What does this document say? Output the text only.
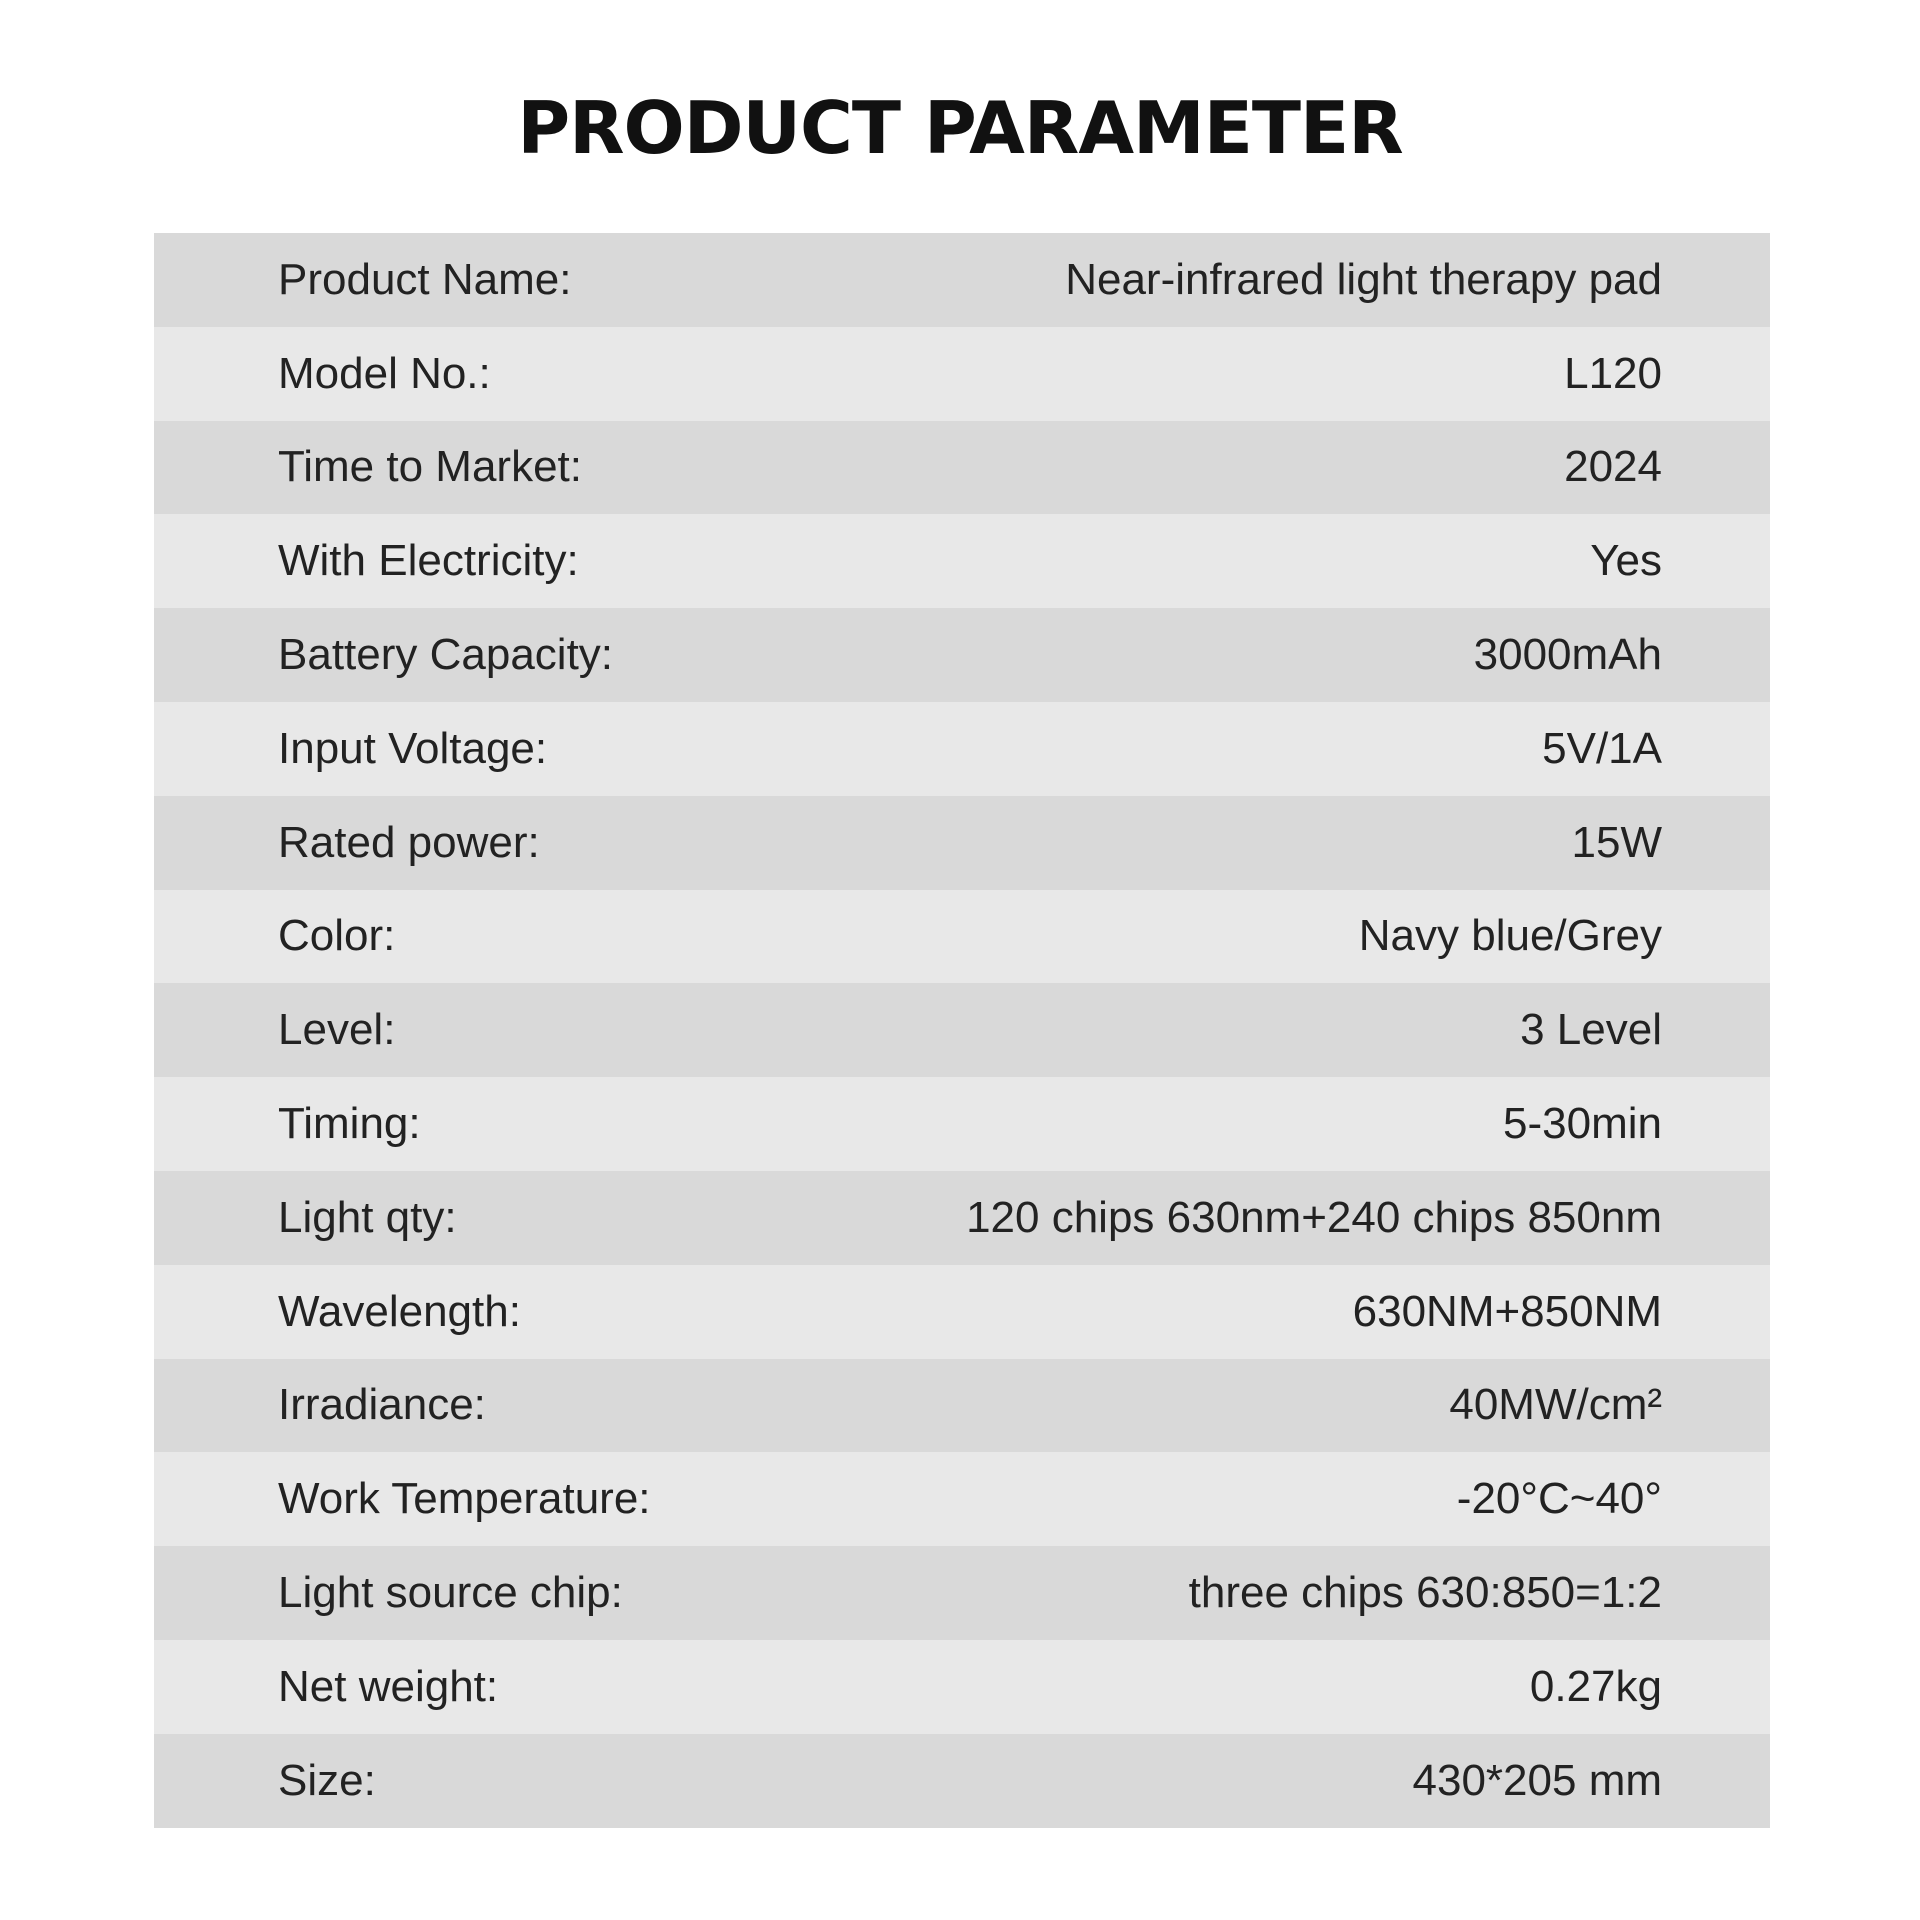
PRODUCT PARAMETER
Product Name:	Near-infrared light therapy pad
Model No.:	L120
Time to Market:	2024
With Electricity:	Yes
Battery Capacity:	3000mAh
Input Voltage:	5V/1A
Rated power:	15W
Color:	Navy blue/Grey
Level:	3 Level
Timing:	5-30min
Light qty:	120 chips 630nm+240 chips 850nm
Wavelength:	630NM+850NM
Irradiance:	40MW/cm²
Work Temperature:	-20°C~40°
Light source chip:	three chips 630:850=1:2
Net weight:	0.27kg
Size:	430*205 mm
